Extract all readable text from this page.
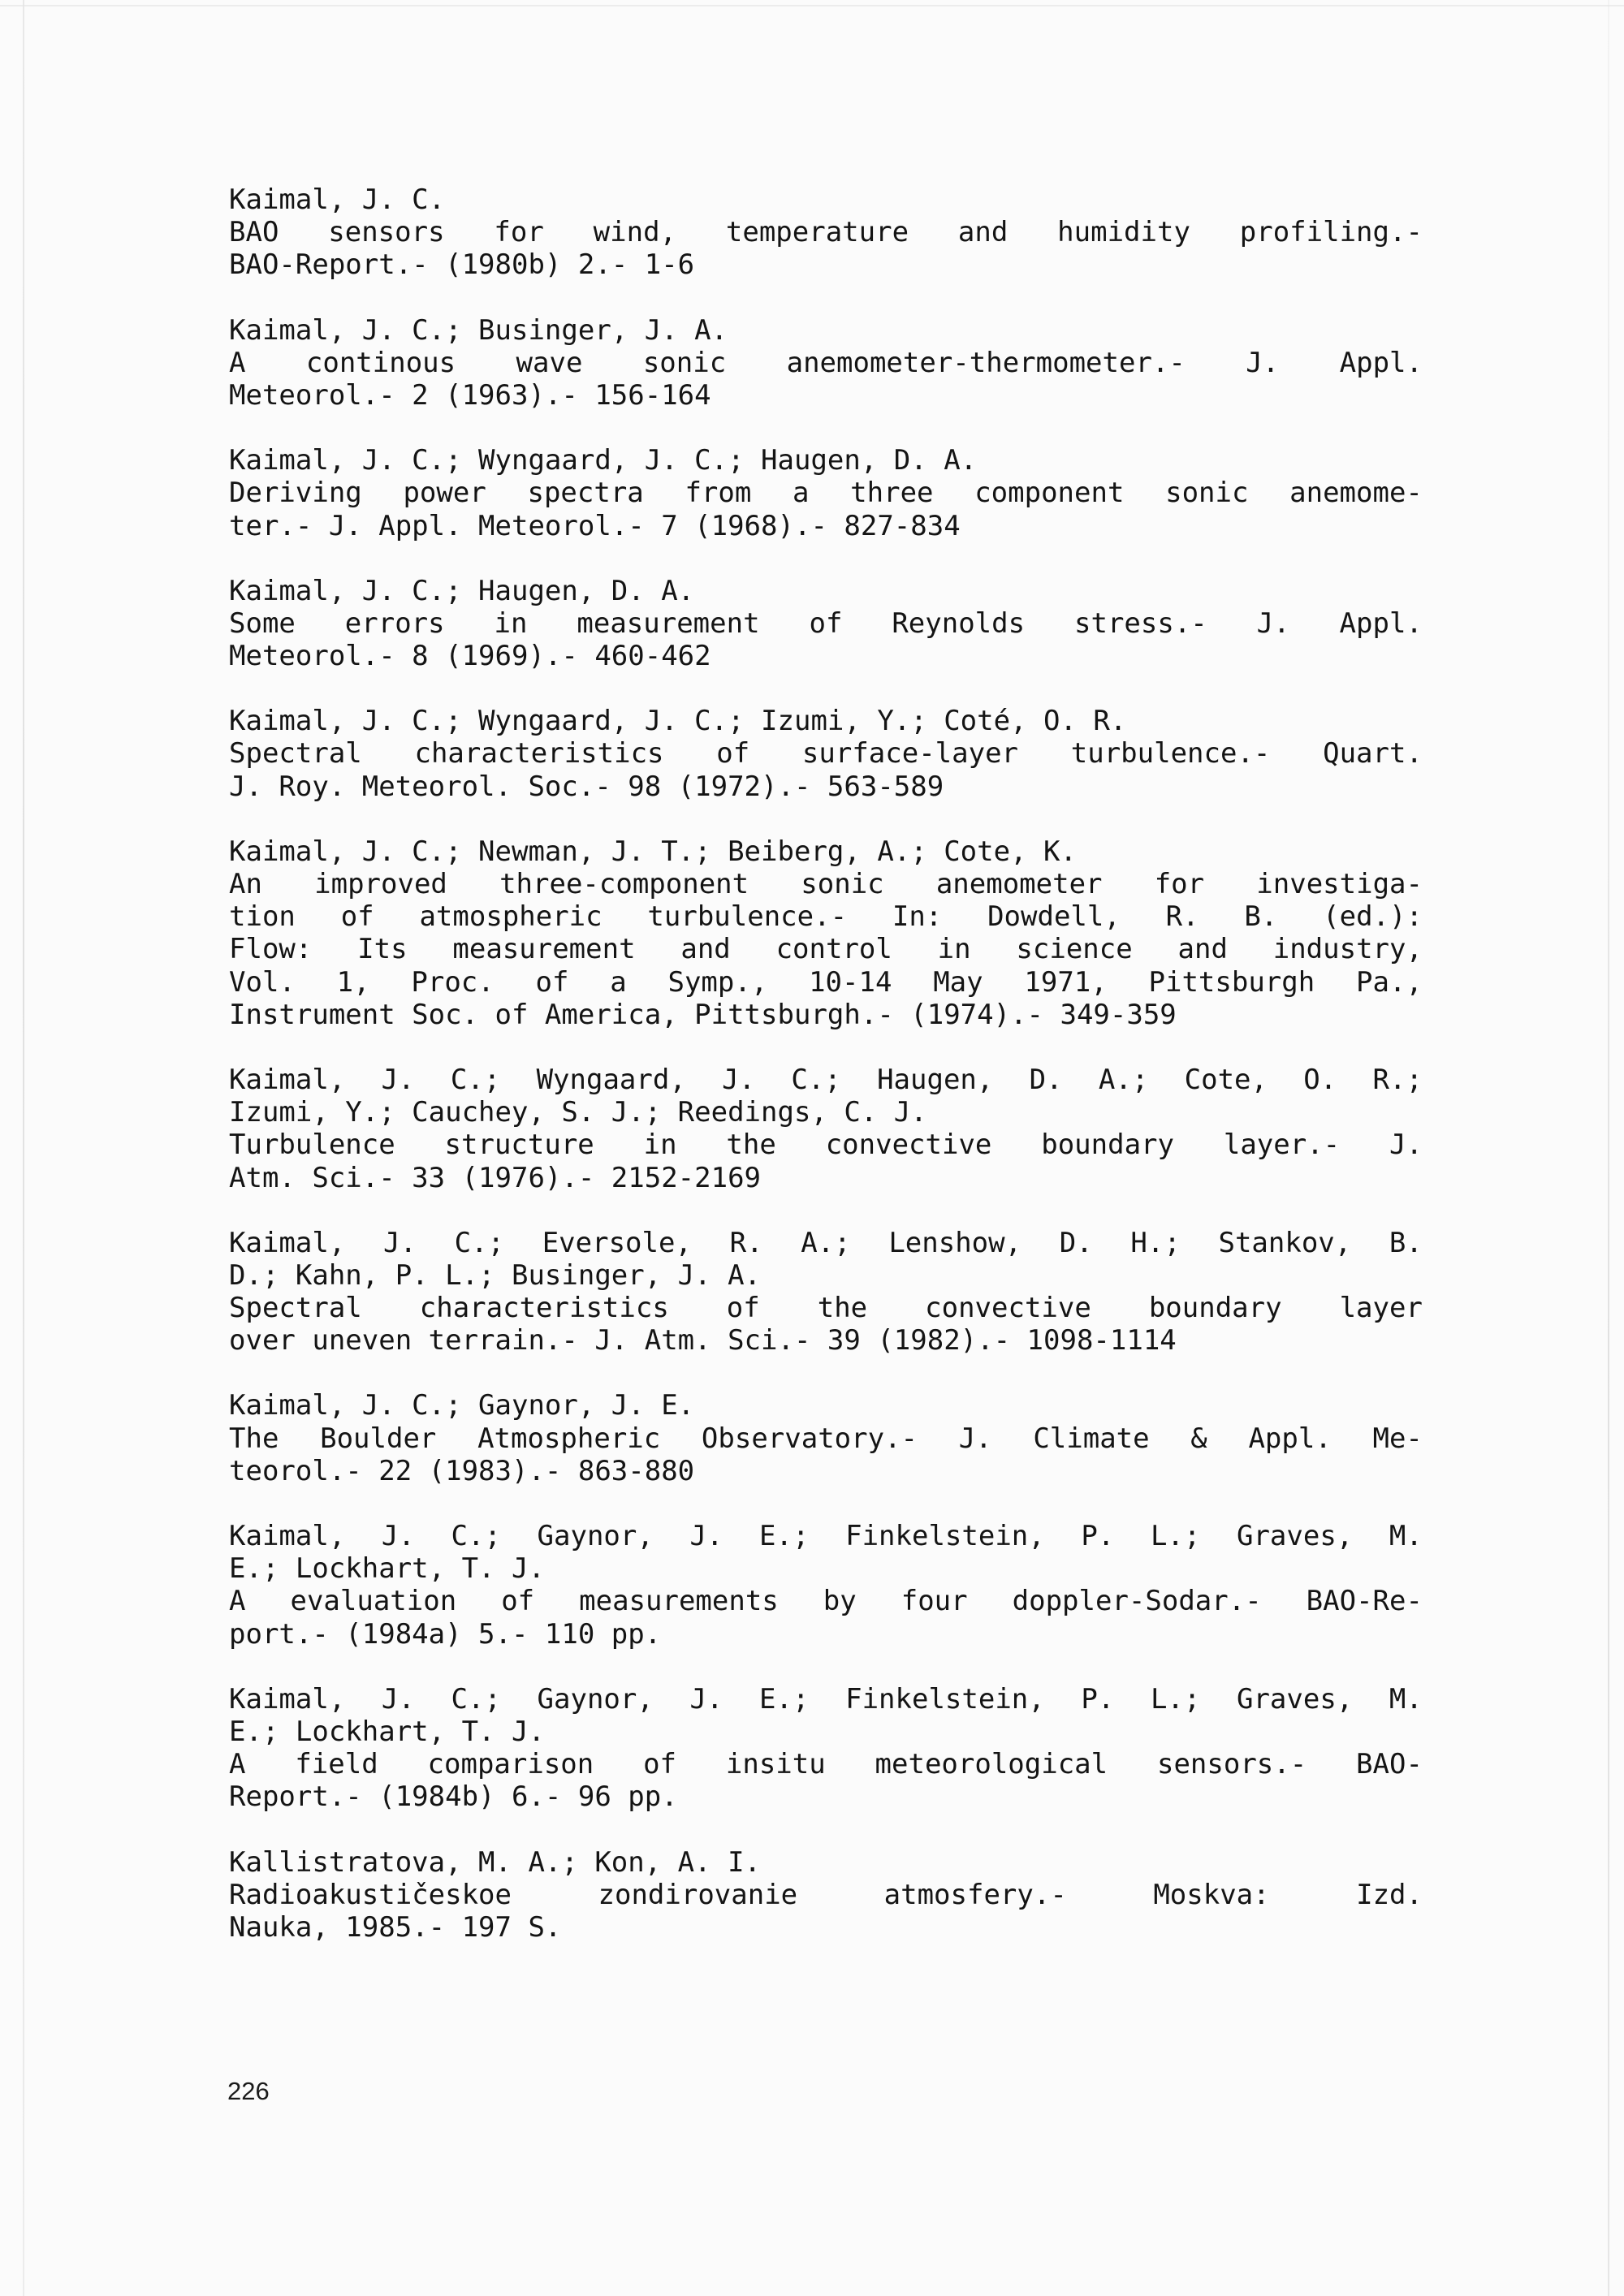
Kaimal, J. C.
BAO sensors for wind, temperature and humidity profiling.-
BAO-Report.- (1980b) 2.- 1-6
Kaimal, J. C.; Businger, J. A.
A continous wave sonic anemometer-thermometer.- J. Appl.
Meteorol.- 2 (1963).- 156-164
Kaimal, J. C.; Wyngaard, J. C.; Haugen, D. A.
Deriving power spectra from a three component sonic anemome-
ter.- J. Appl. Meteorol.- 7 (1968).- 827-834
Kaimal, J. C.; Haugen, D. A.
Some errors in measurement of Reynolds stress.- J. Appl.
Meteorol.- 8 (1969).- 460-462
Kaimal, J. C.; Wyngaard, J. C.; Izumi, Y.; Coté, O. R.
Spectral characteristics of surface-layer turbulence.- Quart.
J. Roy. Meteorol. Soc.- 98 (1972).- 563-589
Kaimal, J. C.; Newman, J. T.; Beiberg, A.; Cote, K.
An improved three-component sonic anemometer for investiga-
tion of atmospheric turbulence.- In: Dowdell, R. B. (ed.):
Flow: Its measurement and control in science and industry,
Vol. 1, Proc. of a Symp., 10-14 May 1971, Pittsburgh Pa.,
Instrument Soc. of America, Pittsburgh.- (1974).- 349-359
Kaimal, J. C.; Wyngaard, J. C.; Haugen, D. A.; Cote, O. R.;
Izumi, Y.; Cauchey, S. J.; Reedings, C. J.
Turbulence structure in the convective boundary layer.- J.
Atm. Sci.- 33 (1976).- 2152-2169
Kaimal, J. C.; Eversole, R. A.; Lenshow, D. H.; Stankov, B.
D.; Kahn, P. L.; Businger, J. A.
Spectral characteristics of the convective boundary layer
over uneven terrain.- J. Atm. Sci.- 39 (1982).- 1098-1114
Kaimal, J. C.; Gaynor, J. E.
The Boulder Atmospheric Observatory.- J. Climate & Appl. Me-
teorol.- 22 (1983).- 863-880
Kaimal, J. C.; Gaynor, J. E.; Finkelstein, P. L.; Graves, M.
E.; Lockhart, T. J.
A evaluation of measurements by four doppler-Sodar.- BAO-Re-
port.- (1984a) 5.- 110 pp.
Kaimal, J. C.; Gaynor, J. E.; Finkelstein, P. L.; Graves, M.
E.; Lockhart, T. J.
A field comparison of insitu meteorological sensors.- BAO-
Report.- (1984b) 6.- 96 pp.
Kallistratova, M. A.; Kon, A. I.
Radioakustičeskoe	zondirovanie	atmosfery.-	Moskva:	Izd.
Nauka, 1985.- 197 S.
226
